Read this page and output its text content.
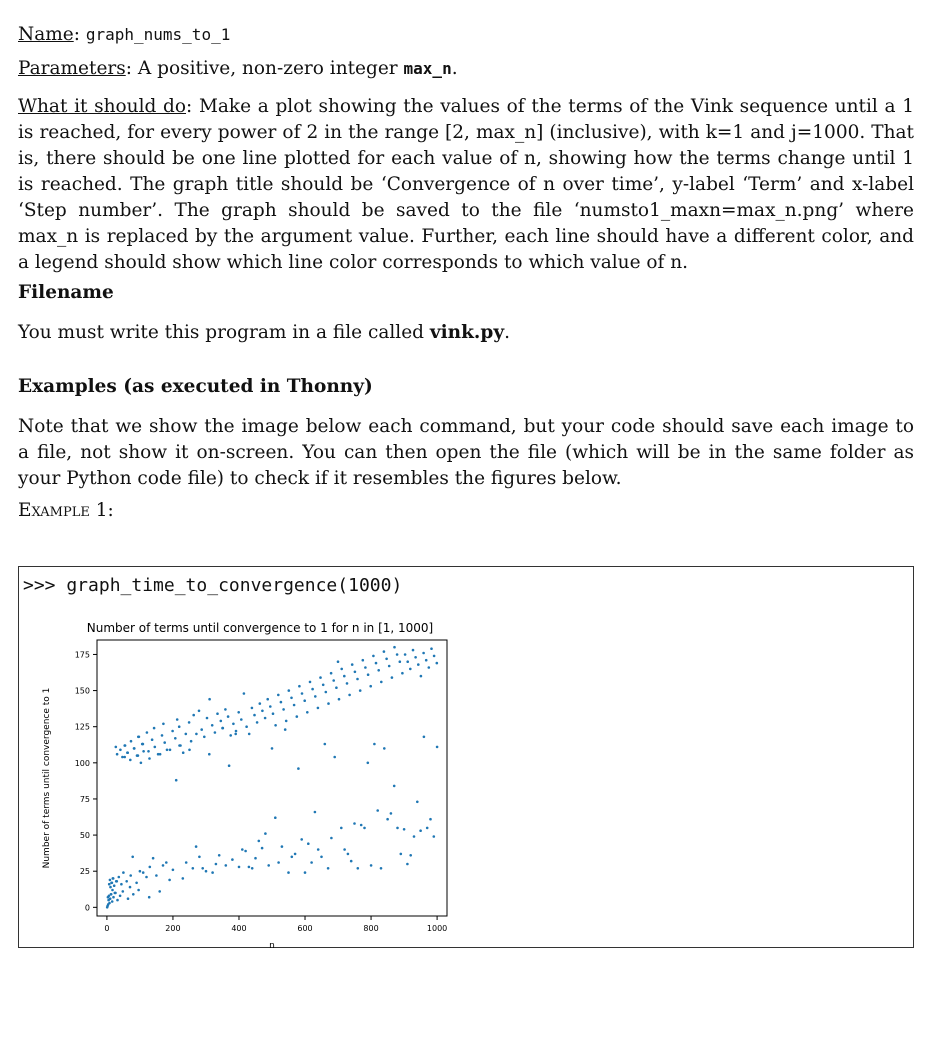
Name: graph_nums_to_1

Parameters: A positive, non-zero integer max_n.

What it should do: Make a plot showing the values of the terms of the Vink sequence until a 1 is reached, for every power of 2 in the range [2, max_n] (inclusive), with k=1 and j=1000. That is, there should be one line plotted for each value of n, showing how the terms change until 1 is reached. The graph title should be ‘Convergence of n over time’, y-label ‘Term’ and x-label ‘Step number’. The graph should be saved to the file ‘numsto1_maxn=max_n.png’ where max_n is replaced by the argument value. Further, each line should have a different color, and a legend should show which line color corresponds to which value of n.

Filename

You must write this program in a file called vink.py.

Examples (as executed in Thonny)

Note that we show the image below each command, but your code should save each image to a file, not show it on-screen. You can then open the file (which will be in the same folder as your Python code file) to check if it resembles the figures below.

Example 1:

>>> graph_time_to_convergence(1000)
Number of terms until convergence to 1 for n in [1, 1000]
0
25
50
75
100
125
150
175
0	200	400	600	800	1000
n
Number of terms until convergence to 1
